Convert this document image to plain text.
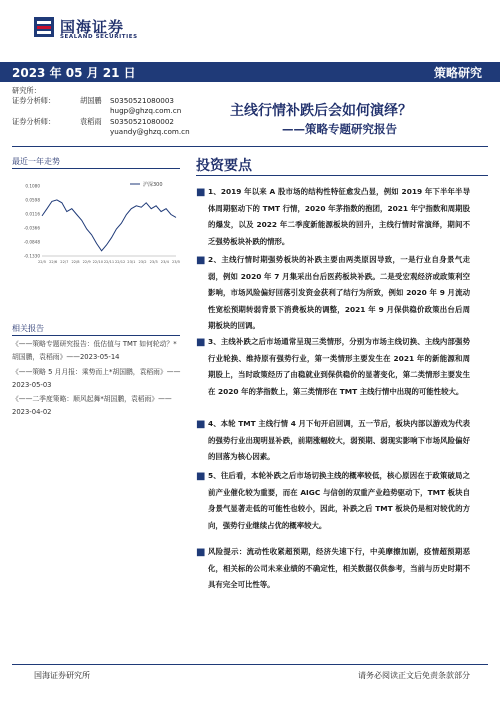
国海证券
SEALAND SECURITIES
2023 年 05 月 21 日	策略研究
研究所：
证券分析师：	胡国鹏 S0350521080003
hugp@ghzq.com.cn
证券分析师：	袁稻雨 S0350521080002
yuandy@ghzq.com.cn
主线行情补跌后会如何演绎？
——策略专题研究报告
最近一年走势
0.1080
0.0598
0.0116
-0.0366
-0.0848
-0.1330
22/5 22/6 22/7 22/8 22/9 22/10 22/11 22/12 23/1 23/2 23/3 23/4 23/5
沪深300
相关报告
《——策略专题研究报告：低估值与 TMT 如何轮动？*胡国鹏，袁稻雨》——2023-05-14
《——策略 5 月月报：乘势而上*胡国鹏，袁稻雨》——2023-05-03
《——二季度策略：顺风起舞*胡国鹏，袁稻雨》——2023-04-02
投资要点
■ 1、2019 年以来 A 股市场的结构性特征愈发凸显，例如 2019 年下半年半导体周期驱动下的 TMT 行情，2020 年茅指数的抱团，2021 年宁指数和周期股的爆发，以及 2022 年二季度新能源板块的回升，主线行情时常演绎，期间不乏强势板块补跌的情形。
■ 2、主线行情时期强势板块的补跌主要由两类原因导致，一是行业自身景气走弱，例如 2020 年 7 月集采出台后医药板块补跌。二是受宏观经济或政策利空影响，市场风险偏好回落引发资金获利了结行为所致，例如 2020 年 9 月流动性宽松预期转弱背景下消费板块的调整，2021 年 9 月保供稳价政策出台后周期板块的回调。
■ 3、主线补跌之后市场通常呈现三类情形，分别为市场主线切换、主线内部强势行业轮换、维持原有强势行业，第一类情形主要发生在 2021 年的新能源和周期股上，当时政策经历了由稳就业到保供稳价的显著变化，第二类情形主要发生在 2020 年的茅指数上，第三类情形在 TMT 主线行情中出现的可能性较大。
■ 4、本轮 TMT 主线行情 4 月下旬开启回调，五一节后，板块内部以游戏为代表的强势行业出现明显补跌，前期涨幅较大，弱预期、弱现实影响下市场风险偏好的回落为核心因素。
■ 5、往后看，本轮补跌之后市场切换主线的概率较低，核心原因在于政策破局之前产业催化较为重要，而在 AIGC 与信创的双重产业趋势驱动下，TMT 板块自身景气显著走低的可能性也较小，因此，补跌之后 TMT 板块仍是相对较优的方向，强势行业继续占优的概率较大。
■ 风险提示：流动性收紧超预期，经济失速下行，中美摩擦加剧，疫情超预期恶化，相关标的公司未来业绩的不确定性，相关数据仅供参考，当前与历史时期不具有完全可比性等。
国海证券研究所	请务必阅读正文后免责条款部分
